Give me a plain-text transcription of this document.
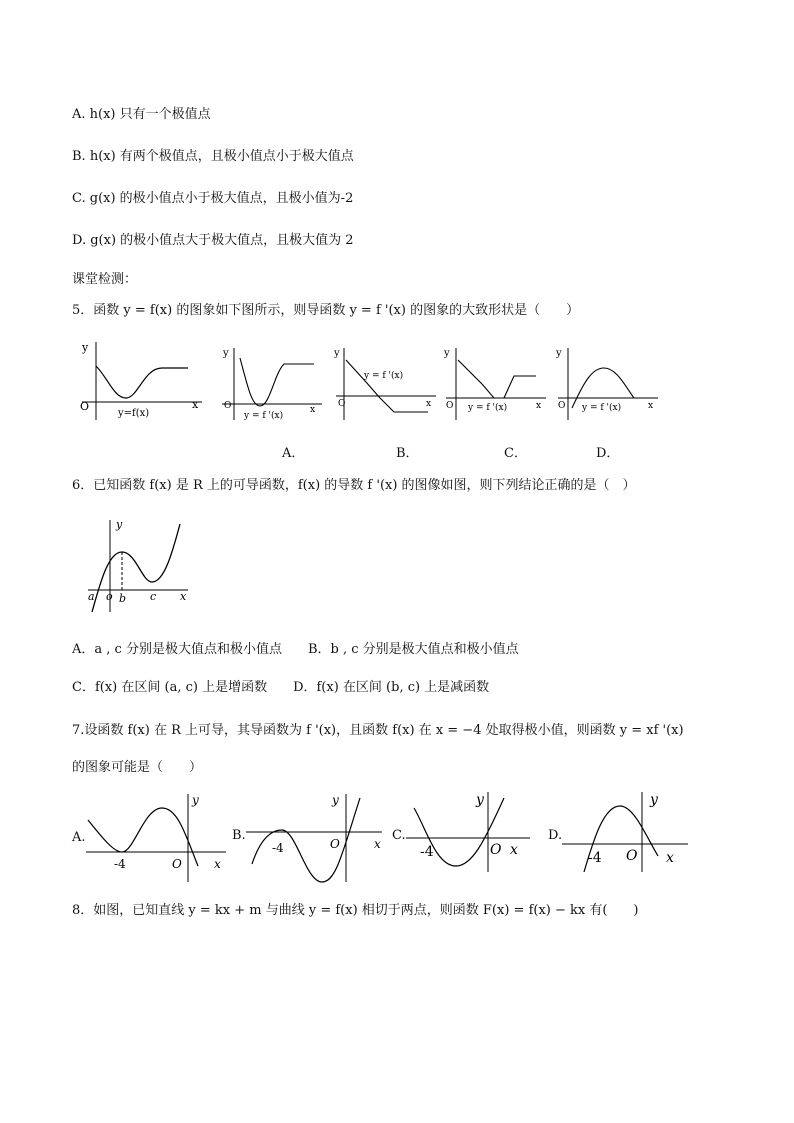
A. h(x) 只有一个极值点
B. h(x) 有两个极值点，且极小值点小于极大值点
C. g(x) 的极小值点小于极大值点，且极小值为-2
D. g(x) 的极小值点大于极大值点，且极大值为 2
课堂检测：
5．函数 y = f(x) 的图象如下图所示，则导函数 y = f '(x) 的图象的大致形状是（　　）
y
x
O
y=f(x)
y
O	x
y = f '(x)
A．
y
O	x
y = f '(x)
B．
y
O	x
y = f '(x)
C．
y
O	x
y = f '(x)
D．
6．已知函数 f(x) 是 R 上的可导函数，f(x) 的导数 f '(x) 的图像如图，则下列结论正确的是（　）
y
x
a o b c
A．a , c 分别是极大值点和极小值点　　B．b , c 分别是极大值点和极小值点
C．f(x) 在区间 (a, c) 上是增函数　　D．f(x) 在区间 (b, c) 上是减函数
7.设函数 f(x) 在 R 上可导，其导函数为 f '(x)，且函数 f(x) 在 x = −4 处取得极小值，则函数 y = xf '(x)
的图象可能是（　　）
A.
y
x
O
-4
B.
y
x
O
-4
C.
y
x
O
-4
D.
y
x
O
-4
8．如图，已知直线 y = kx + m 与曲线 y = f(x) 相切于两点，则函数 F(x) = f(x) − kx 有(　　)
